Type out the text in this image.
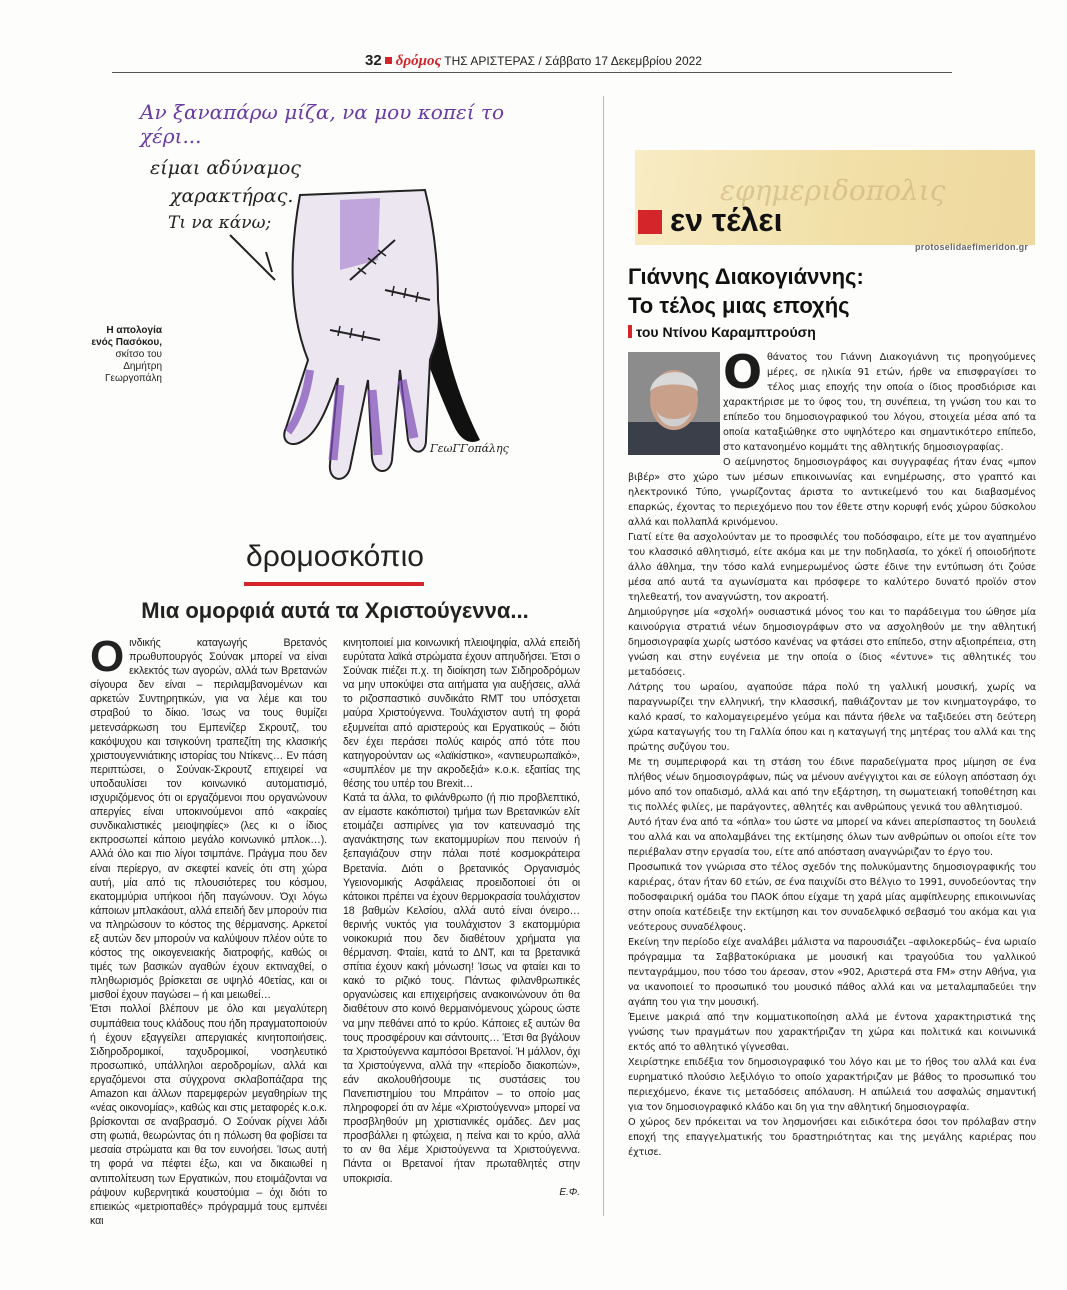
32 δρόμος ΤΗΣ ΑΡΙΣΤΕΡΑΣ / Σάββατο 17 Δεκεμβρίου 2022
Αν ξαναπάρω μίζα, να μου κοπεί το χέρι...
είμαι αδύναμος
χαρακτήρας.
Τι να κάνω;
ΓεωΓΓοπάλης
Η απολογία ενός Πασόκου,
σκίτσο του Δημήτρη Γεωργοπάλη
δρομοσκόπιο
Μια ομορφιά αυτά τα Χριστούγεννα...

Οινδικής καταγωγής Βρετανός πρωθυπουργός Σούνακ μπορεί να είναι εκλεκτός των αγορών, αλλά των Βρετανών σίγουρα δεν είναι – περιλαμβανομένων και αρκετών Συντηρητικών, για να λέμε και του στραβού το δίκιο. Ίσως να τους θυμίζει μετενσάρκωση του Εμπενίζερ Σκρουτζ, του κακόψυχου και τσιγκούνη τραπεζίτη της κλασικής χριστουγεννιάτικης ιστορίας του Ντίκενς… Εν πάση περιπτώσει, ο Σούνακ-Σκρουτζ επιχειρεί να υποδαυλίσει τον κοινωνικό αυτοματισμό, ισχυριζόμενος ότι οι εργαζόμενοι που οργανώνουν απεργίες είναι υποκινούμενοι από «ακραίες συνδικαλιστικές μειοψηφίες» (λες κι ο ίδιος εκπροσωπεί κάποιο μεγάλο κοινωνικό μπλοκ…). Αλλά όλο και πιο λίγοι τσιμπάνε. Πράγμα που δεν είναι περίεργο, αν σκεφτεί κανείς ότι στη χώρα αυτή, μία από τις πλουσιότερες του κόσμου, εκατομμύρια υπήκοοι ήδη παγώνουν. Όχι λόγω κάποιων μπλακάουτ, αλλά επειδή δεν μπορούν πια να πληρώσουν το κόστος της θέρμανσης. Αρκετοί εξ αυτών δεν μπορούν να καλύψουν πλέον ούτε το κόστος της οικογενειακής διατροφής, καθώς οι τιμές των βασικών αγαθών έχουν εκτιναχθεί, ο πληθωρισμός βρίσκεται σε υψηλό 40ετίας, και οι μισθοί έχουν παγώσει – ή και μειωθεί…

Έτσι πολλοί βλέπουν με όλο και μεγαλύτερη συμπάθεια τους κλάδους που ήδη πραγματοποιούν ή έχουν εξαγγείλει απεργιακές κινητοποιήσεις. Σιδηροδρομικοί, ταχυδρομικοί, νοσηλευτικό προσωπικό, υπάλληλοι αεροδρομίων, αλλά και εργαζόμενοι στα σύγχρονα σκλαβοπάζαρα της Amazon και άλλων παρεμφερών μεγαθηρίων της «νέας οικονομίας», καθώς και στις μεταφορές κ.ο.κ. βρίσκονται σε αναβρασμό. Ο Σούνακ ρίχνει λάδι στη φωτιά, θεωρώντας ότι η πόλωση θα φοβίσει τα μεσαία στρώματα και θα τον ευνοήσει. Ίσως αυτή τη φορά να πέφτει έξω, και να δικαιωθεί η αντιπολίτευση των Εργατικών, που ετοιμάζονται να ράψουν κυβερνητικά κουστούμια – όχι διότι το επιεικώς «μετριοπαθές» πρόγραμμά τους εμπνέει και

κινητοποιεί μια κοινωνική πλειοψηφία, αλλά επειδή ευρύτατα λαϊκά στρώματα έχουν απηυδήσει. Έτσι ο Σούνακ πιέζει π.χ. τη διοίκηση των Σιδηροδρόμων να μην υποκύψει στα αιτήματα για αυξήσεις, αλλά το ριζοσπαστικό συνδικάτο RMT του υπόσχεται μαύρα Χριστούγεννα. Τουλάχιστον αυτή τη φορά εξυμνείται από αριστερούς και Εργατικούς – διότι δεν έχει περάσει πολύς καιρός από τότε που κατηγορούνταν ως «λαϊκίστικο», «αντιευρωπαϊκό», «συμπλέον με την ακροδεξιά» κ.ο.κ. εξαιτίας της θέσης του υπέρ του Brexit…

Κατά τα άλλα, το φιλάνθρωπο (ή πιο προβλεπτικό, αν είμαστε κακόπιστοι) τμήμα των Βρετανικών ελίτ ετοιμάζει ασπιρίνες για τον κατευνασμό της αγανάκτησης των εκατομμυρίων που πεινούν ή ξεπαγιάζουν στην πάλαι ποτέ κοσμοκράτειρα Βρετανία. Διότι ο βρετανικός Οργανισμός Υγειονομικής Ασφάλειας προειδοποιεί ότι οι κάτοικοι πρέπει να έχουν θερμοκρασία τουλάχιστον 18 βαθμών Κελσίου, αλλά αυτό είναι όνειρο… θερινής νυκτός για τουλάχιστον 3 εκατομμύρια νοικοκυριά που δεν διαθέτουν χρήματα για θέρμανση. Φταίει, κατά το ΔΝΤ, και τα βρετανικά σπίτια έχουν κακή μόνωση! Ίσως να φταίει και το κακό το ριζικό τους. Πάντως φιλανθρωπικές οργανώσεις και επιχειρήσεις ανακοινώνουν ότι θα διαθέτουν στο κοινό θερμαινόμενους χώρους ώστε να μην πεθάνει από το κρύο. Κάποιες εξ αυτών θα τους προσφέρουν και σάντουιτς… Έτσι θα βγάλουν τα Χριστούγεννα καμπόσοι Βρετανοί. Ή μάλλον, όχι τα Χριστούγεννα, αλλά την «περίοδο διακοπών», εάν ακολουθήσουμε τις συστάσεις του Πανεπιστημίου του Μπράιτον – το οποίο μας πληροφορεί ότι αν λέμε «Χριστούγεννα» μπορεί να προσβληθούν μη χριστιανικές ομάδες. Δεν μας προσβάλλει η φτώχεια, η πείνα και το κρύο, αλλά το αν θα λέμε Χριστούγεννα τα Χριστούγεννα. Πάντα οι Βρετανοί ήταν πρωταθλητές στην υποκρισία.

Ε.Φ.
εφημεριδοπολις
εν τέλει
protoselidaefimeridon.gr
Γιάννης Διακογιάννης:
Το τέλος μιας εποχής
του Ντίνου Καραμπτρούση

Οθάνατος του Γιάννη Διακογιάννη τις προηγούμενες μέρες, σε ηλικία 91 ετών, ήρθε να επισφραγίσει το τέλος μιας εποχής την οποία ο ίδιος προσδιόρισε και χαρακτήρισε με το ύφος του, τη συνέπεια, τη γνώση του και το επίπεδο του δημοσιογραφικού του λόγου, στοιχεία μέσα από τα οποία καταξιώθηκε στο υψηλότερο και σημαντικότερο επίπεδο, στο κατανοημένο κομμάτι της αθλητικής δημοσιογραφίας.

Ο αείμνηστος δημοσιογράφος και συγγραφέας ήταν ένας «μπον βιβέρ» στο χώρο των μέσων επικοινωνίας και ενημέρωσης, στο γραπτό και ηλεκτρονικό Τύπο, γνωρίζοντας άριστα το αντικείμενό του και διαβασμένος επαρκώς, έχοντας το περιεχόμενο που τον έθετε στην κορυφή ενός χώρου δύσκολου αλλά και πολλαπλά κρινόμενου.

Γιατί είτε θα ασχολούνταν με το προσφιλές του ποδόσφαιρο, είτε με τον αγαπημένο του κλασσικό αθλητισμό, είτε ακόμα και με την ποδηλασία, το χόκεϊ ή οποιοδήποτε άλλο άθλημα, την τόσο καλά ενημερωμένος ώστε έδινε την εντύπωση ότι ζούσε μέσα από αυτά τα αγωνίσματα και πρόσφερε το καλύτερο δυνατό προϊόν στον τηλεθεατή, τον αναγνώστη, τον ακροατή.

Δημιούργησε μία «σχολή» ουσιαστικά μόνος του και το παράδειγμα του ώθησε μία καινούργια στρατιά νέων δημοσιογράφων στο να ασχοληθούν με την αθλητική δημοσιογραφία χωρίς ωστόσο κανένας να φτάσει στο επίπεδο, στην αξιοπρέπεια, στη γνώση και στην ευγένεια με την οποία ο ίδιος «έντυνε» τις αθλητικές του μεταδόσεις.

Λάτρης του ωραίου, αγαπούσε πάρα πολύ τη γαλλική μουσική, χωρίς να παραγνωρίζει την ελληνική, την κλασσική, παθιάζονταν με τον κινηματογράφο, το καλό κρασί, το καλομαγειρεμένο γεύμα και πάντα ήθελε να ταξιδεύει στη δεύτερη χώρα καταγωγής του τη Γαλλία όπου και η καταγωγή της μητέρας του αλλά και της πρώτης συζύγου του.

Με τη συμπεριφορά και τη στάση του έδινε παραδείγματα προς μίμηση σε ένα πλήθος νέων δημοσιογράφων, πώς να μένουν ανέγγιχτοι και σε εύλογη απόσταση όχι μόνο από τον οπαδισμό, αλλά και από την εξάρτηση, τη σωματειακή τοποθέτηση και τις πολλές φιλίες, με παράγοντες, αθλητές και ανθρώπους γενικά του αθλητισμού.

Αυτό ήταν ένα από τα «όπλα» του ώστε να μπορεί να κάνει απερίσπαστος τη δουλειά του αλλά και να απολαμβάνει της εκτίμησης όλων των ανθρώπων οι οποίοι είτε τον περιέβαλαν στην εργασία του, είτε από απόσταση αναγνώριζαν το έργο του.

Προσωπικά τον γνώρισα στο τέλος σχεδόν της πολυκύμαντης δημοσιογραφικής του καριέρας, όταν ήταν 60 ετών, σε ένα παιχνίδι στο Βέλγιο το 1991, συνοδεύοντας την ποδοσφαιρική ομάδα του ΠΑΟΚ όπου είχαμε τη χαρά μίας αμφίπλευρης επικοινωνίας στην οποία κατέδειξε την εκτίμηση και τον συναδελφικό σεβασμό του ακόμα και για νεότερους συναδέλφους.

Εκείνη την περίοδο είχε αναλάβει μάλιστα να παρουσιάζει –αφιλοκερδώς– ένα ωριαίο πρόγραμμα τα Σαββατοκύριακα με μουσική και τραγούδια του γαλλικού πενταγράμμου, που τόσο του άρεσαν, στον «902, Αριστερά στα FM» στην Αθήνα, για να ικανοποιεί το προσωπικό του μουσικό πάθος αλλά και να μεταλαμπαδεύει την αγάπη του για την μουσική.

Έμεινε μακριά από την κομματικοποίηση αλλά με έντονα χαρακτηριστικά της γνώσης των πραγμάτων που χαρακτήριζαν τη χώρα και πολιτικά και κοινωνικά εκτός από το αθλητικό γίγνεσθαι.

Χειρίστηκε επιδέξια τον δημοσιογραφικό του λόγο και με το ήθος του αλλά και ένα ευρηματικό πλούσιο λεξιλόγιο το οποίο χαρακτήριζαν με βάθος το προσωπικό του περιεχόμενο, έκανε τις μεταδόσεις απόλαυση. Η απώλειά του ασφαλώς σημαντική για τον δημοσιογραφικό κλάδο και δη για την αθλητική δημοσιογραφία.

Ο χώρος δεν πρόκειται να τον λησμονήσει και ειδικότερα όσοι τον πρόλαβαν στην εποχή της επαγγελματικής του δραστηριότητας και της μεγάλης καριέρας που έχτισε.
